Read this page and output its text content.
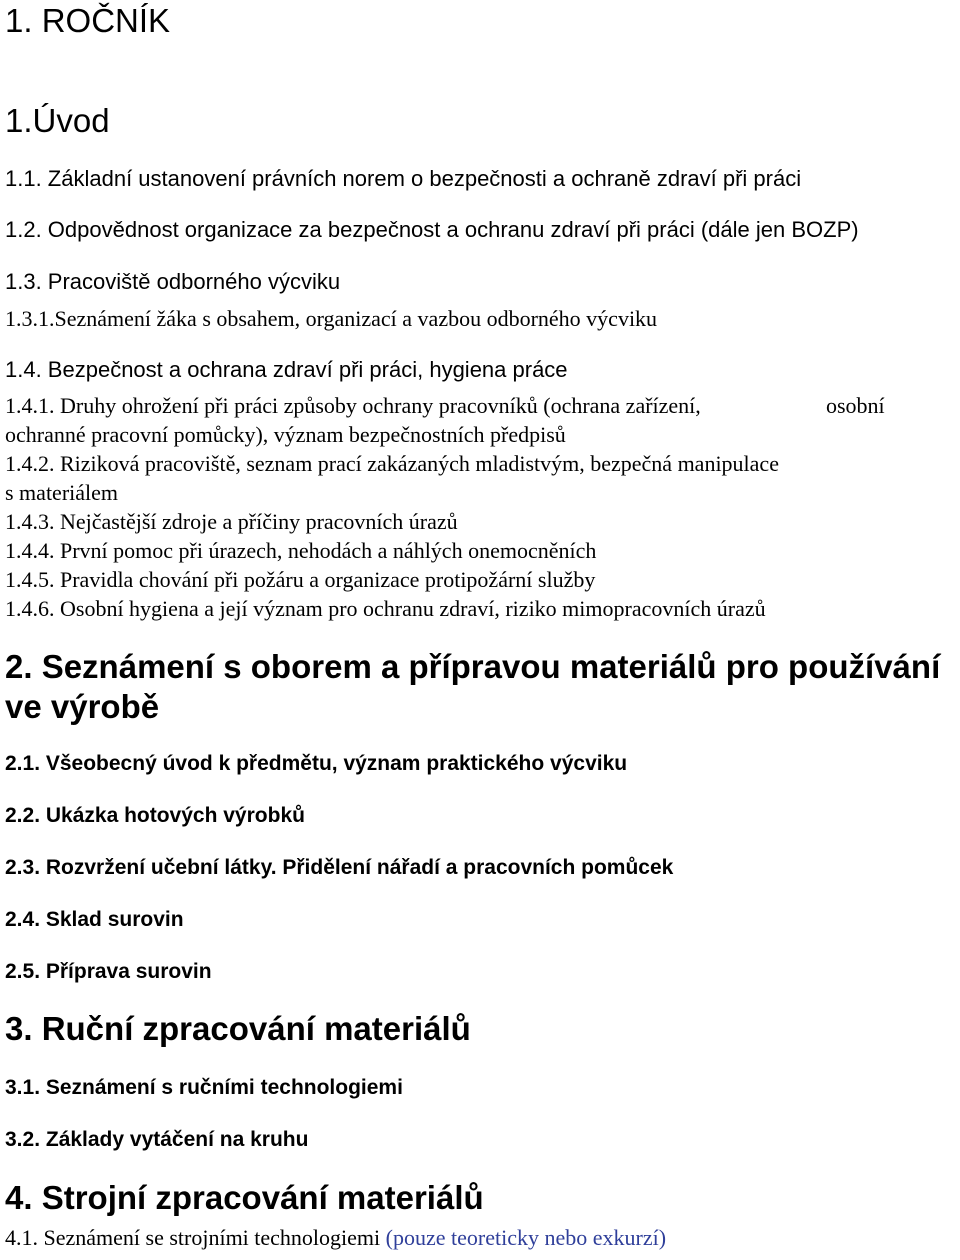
1. ROČNÍK
1.Úvod

1.1. Základní ustanovení právních norem o bezpečnosti a ochraně zdraví při práci

1.2. Odpovědnost organizace za bezpečnost a ochranu zdraví při práci (dále jen BOZP)

1.3. Pracoviště odborného výcviku

1.3.1.Seznámení žáka s obsahem, organizací a vazbou odborného výcviku

1.4. Bezpečnost a ochrana zdraví při práci, hygiena práce

1.4.1. Druhy ohrožení při práci způsoby ochrany pracovníků (ochrana zařízení,	osobní

ochranné pracovní pomůcky), význam bezpečnostních předpisů

1.4.2. Riziková pracoviště, seznam prací zakázaných mladistvým, bezpečná manipulace

s materiálem

1.4.3. Nejčastější zdroje a příčiny pracovních úrazů

1.4.4. První pomoc při úrazech, nehodách a náhlých onemocněních

1.4.5. Pravidla chování při požáru a organizace protipožární služby

1.4.6. Osobní hygiena a její význam pro ochranu zdraví, riziko mimopracovních úrazů

2. Seznámení s oborem a přípravou materiálů pro používání
ve výrobě

2.1. Všeobecný úvod k předmětu, význam praktického výcviku

2.2. Ukázka hotových výrobků

2.3. Rozvržení učební látky. Přidělení nářadí a pracovních pomůcek

2.4. Sklad surovin

2.5. Příprava surovin

3. Ruční zpracování materiálů

3.1. Seznámení s ručními technologiemi

3.2. Základy vytáčení na kruhu

4. Strojní zpracování materiálů

4.1. Seznámení se strojními technologiemi (pouze teoreticky nebo exkurzí)
